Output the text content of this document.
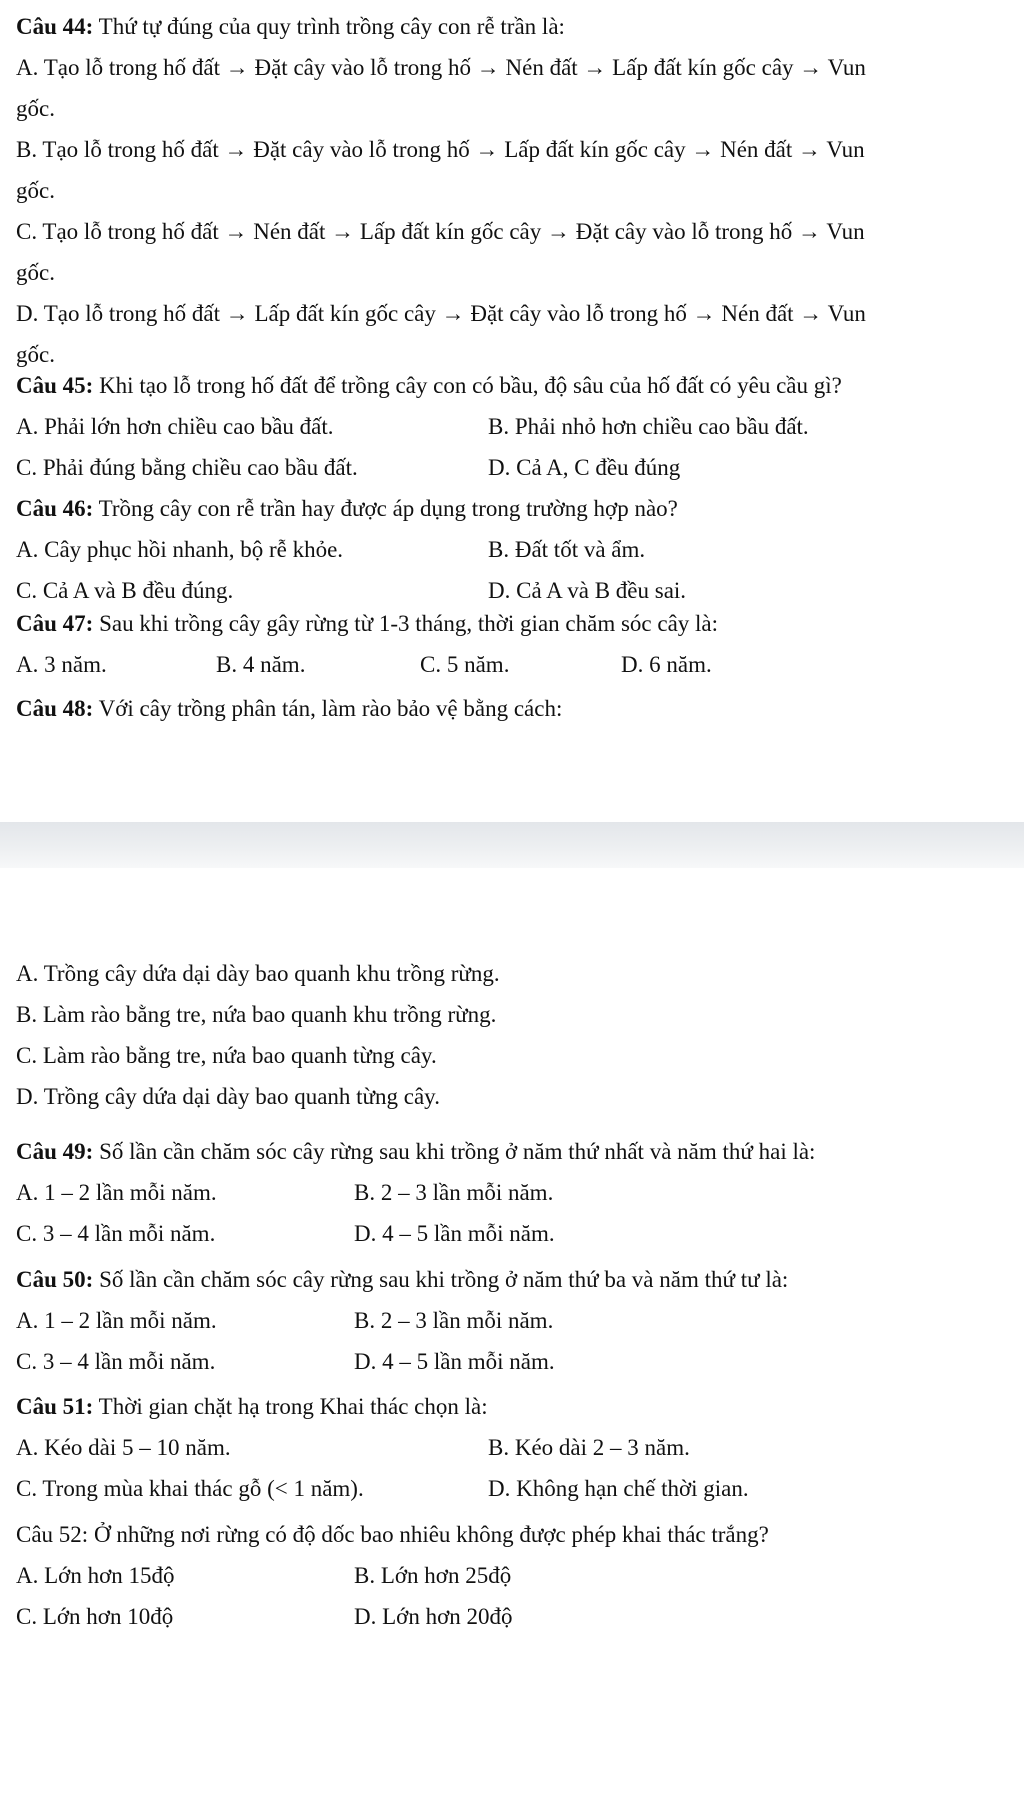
Câu 44: Thứ tự đúng của quy trình trồng cây con rễ trần là:
A. Tạo lỗ trong hố đất → Đặt cây vào lỗ trong hố → Nén đất → Lấp đất kín gốc cây → Vun
gốc.
B. Tạo lỗ trong hố đất → Đặt cây vào lỗ trong hố → Lấp đất kín gốc cây → Nén đất → Vun
gốc.
C. Tạo lỗ trong hố đất → Nén đất → Lấp đất kín gốc cây → Đặt cây vào lỗ trong hố → Vun
gốc.
D. Tạo lỗ trong hố đất → Lấp đất kín gốc cây → Đặt cây vào lỗ trong hố → Nén đất → Vun
gốc.
Câu 45: Khi tạo lỗ trong hố đất để trồng cây con có bầu, độ sâu của hố đất có yêu cầu gì?
A. Phải lớn hơn chiều cao bầu đất.	B. Phải nhỏ hơn chiều cao bầu đất.
C. Phải đúng bằng chiều cao bầu đất.	D. Cả A, C đều đúng
Câu 46: Trồng cây con rễ trần hay được áp dụng trong trường hợp nào?
A. Cây phục hồi nhanh, bộ rễ khỏe.	B. Đất tốt và ẩm.
C. Cả A và B đều đúng.	D. Cả A và B đều sai.
Câu 47: Sau khi trồng cây gây rừng từ 1-3 tháng, thời gian chăm sóc cây là:
A. 3 năm.	B. 4 năm.	C. 5 năm.	D. 6 năm.
Câu 48: Với cây trồng phân tán, làm rào bảo vệ bằng cách:
A. Trồng cây dứa dại dày bao quanh khu trồng rừng.
B. Làm rào bằng tre, nứa bao quanh khu trồng rừng.
C. Làm rào bằng tre, nứa bao quanh từng cây.
D. Trồng cây dứa dại dày bao quanh từng cây.
Câu 49: Số lần cần chăm sóc cây rừng sau khi trồng ở năm thứ nhất và năm thứ hai là:
A. 1 – 2 lần mỗi năm.	B. 2 – 3 lần mỗi năm.
C. 3 – 4 lần mỗi năm.	D. 4 – 5 lần mỗi năm.
Câu 50: Số lần cần chăm sóc cây rừng sau khi trồng ở năm thứ ba và năm thứ tư là:
A. 1 – 2 lần mỗi năm.	B. 2 – 3 lần mỗi năm.
C. 3 – 4 lần mỗi năm.	D. 4 – 5 lần mỗi năm.
Câu 51: Thời gian chặt hạ trong Khai thác chọn là:
A. Kéo dài 5 – 10 năm.	B. Kéo dài 2 – 3 năm.
C. Trong mùa khai thác gỗ (< 1 năm).	D. Không hạn chế thời gian.
Câu 52: Ở những nơi rừng có độ dốc bao nhiêu không được phép khai thác trắng?
A. Lớn hơn 15độ	B. Lớn hơn 25độ
C. Lớn hơn 10độ	D. Lớn hơn 20độ
